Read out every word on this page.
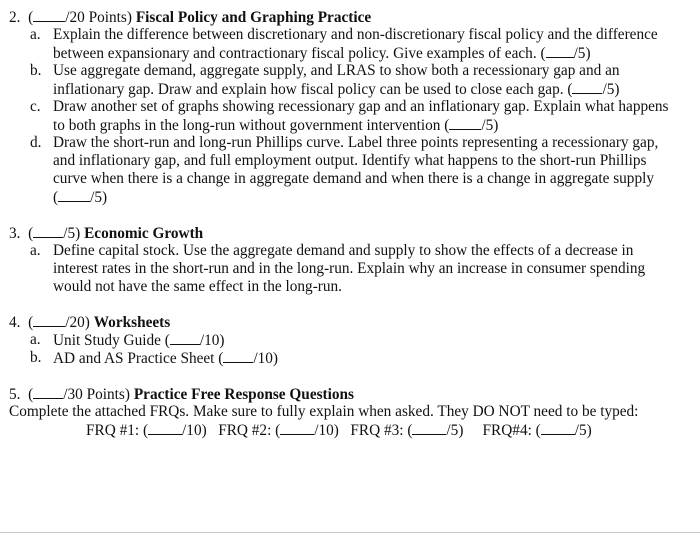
2. ( /20 Points) Fiscal Policy and Graphing Practice
a. Explain the difference between discretionary and non-discretionary fiscal policy and the difference
between expansionary and contractionary fiscal policy. Give examples of each. ( /5)
b. Use aggregate demand, aggregate supply, and LRAS to show both a recessionary gap and an
inflationary gap. Draw and explain how fiscal policy can be used to close each gap. ( /5)
c. Draw another set of graphs showing recessionary gap and an inflationary gap. Explain what happens
to both graphs in the long-run without government intervention ( /5)
d. Draw the short-run and long-run Phillips curve. Label three points representing a recessionary gap,
and inflationary gap, and full employment output. Identify what happens to the short-run Phillips
curve when there is a change in aggregate demand and when there is a change in aggregate supply
( /5)
3. ( /5) Economic Growth
a. Define capital stock. Use the aggregate demand and supply to show the effects of a decrease in
interest rates in the short-run and in the long-run. Explain why an increase in consumer spending
would not have the same effect in the long-run.
4. ( /20) Worksheets
a. Unit Study Guide ( /10)
b. AD and AS Practice Sheet ( /10)
5. ( /30 Points) Practice Free Response Questions
Complete the attached FRQs. Make sure to fully explain when asked. They DO NOT need to be typed:
FRQ #1: ( /10) FRQ #2: ( /10) FRQ #3: ( /5) FRQ#4: ( /5)
